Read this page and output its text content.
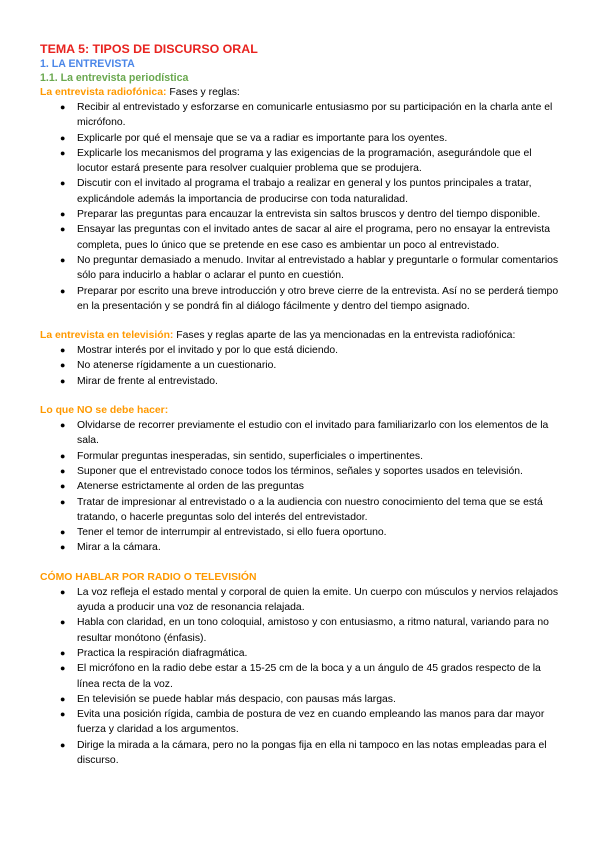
TEMA 5: TIPOS DE DISCURSO ORAL
1. LA ENTREVISTA
1.1. La entrevista periodística
La entrevista radiofónica: Fases y reglas:
● Recibir al entrevistado y esforzarse en comunicarle entusiasmo por su participación en la charla ante el micrófono.
● Explicarle por qué el mensaje que se va a radiar es importante para los oyentes.
● Explicarle los mecanismos del programa y las exigencias de la programación, asegurándole que el locutor estará presente para resolver cualquier problema que se produjera.
● Discutir con el invitado al programa el trabajo a realizar en general y los puntos principales a tratar, explicándole además la importancia de producirse con toda naturalidad.
● Preparar las preguntas para encauzar la entrevista sin saltos bruscos y dentro del tiempo disponible.
● Ensayar las preguntas con el invitado antes de sacar al aire el programa, pero no ensayar la entrevista completa, pues lo único que se pretende en ese caso es ambientar un poco al entrevistado.
● No preguntar demasiado a menudo. Invitar al entrevistado a hablar y preguntarle o formular comentarios sólo para inducirlo a hablar o aclarar el punto en cuestión.
● Preparar por escrito una breve introducción y otro breve cierre de la entrevista. Así no se perderá tiempo en la presentación y se pondrá fin al diálogo fácilmente y dentro del tiempo asignado.
La entrevista en televisión: Fases y reglas aparte de las ya mencionadas en la entrevista radiofónica:
● Mostrar interés por el invitado y por lo que está diciendo.
● No atenerse rígidamente a un cuestionario.
● Mirar de frente al entrevistado.
Lo que NO se debe hacer:
● Olvidarse de recorrer previamente el estudio con el invitado para familiarizarlo con los elementos de la sala.
● Formular preguntas inesperadas, sin sentido, superficiales o impertinentes.
● Suponer que el entrevistado conoce todos los términos, señales y soportes usados en televisión.
● Atenerse estrictamente al orden de las preguntas
● Tratar de impresionar al entrevistado o a la audiencia con nuestro conocimiento del tema que se está tratando, o hacerle preguntas solo del interés del entrevistador.
● Tener el temor de interrumpir al entrevistado, si ello fuera oportuno.
● Mirar a la cámara.
CÓMO HABLAR POR RADIO O TELEVISIÓN
● La voz refleja el estado mental y corporal de quien la emite. Un cuerpo con músculos y nervios relajados ayuda a producir una voz de resonancia relajada.
● Habla con claridad, en un tono coloquial, amistoso y con entusiasmo, a ritmo natural, variando para no resultar monótono (énfasis).
● Practica la respiración diafragmática.
● El micrófono en la radio debe estar a 15-25 cm de la boca y a un ángulo de 45 grados respecto de la línea recta de la voz.
● En televisión se puede hablar más despacio, con pausas más largas.
● Evita una posición rígida, cambia de postura de vez en cuando empleando las manos para dar mayor fuerza y claridad a los argumentos.
● Dirige la mirada a la cámara, pero no la pongas fija en ella ni tampoco en las notas empleadas para el discurso.
